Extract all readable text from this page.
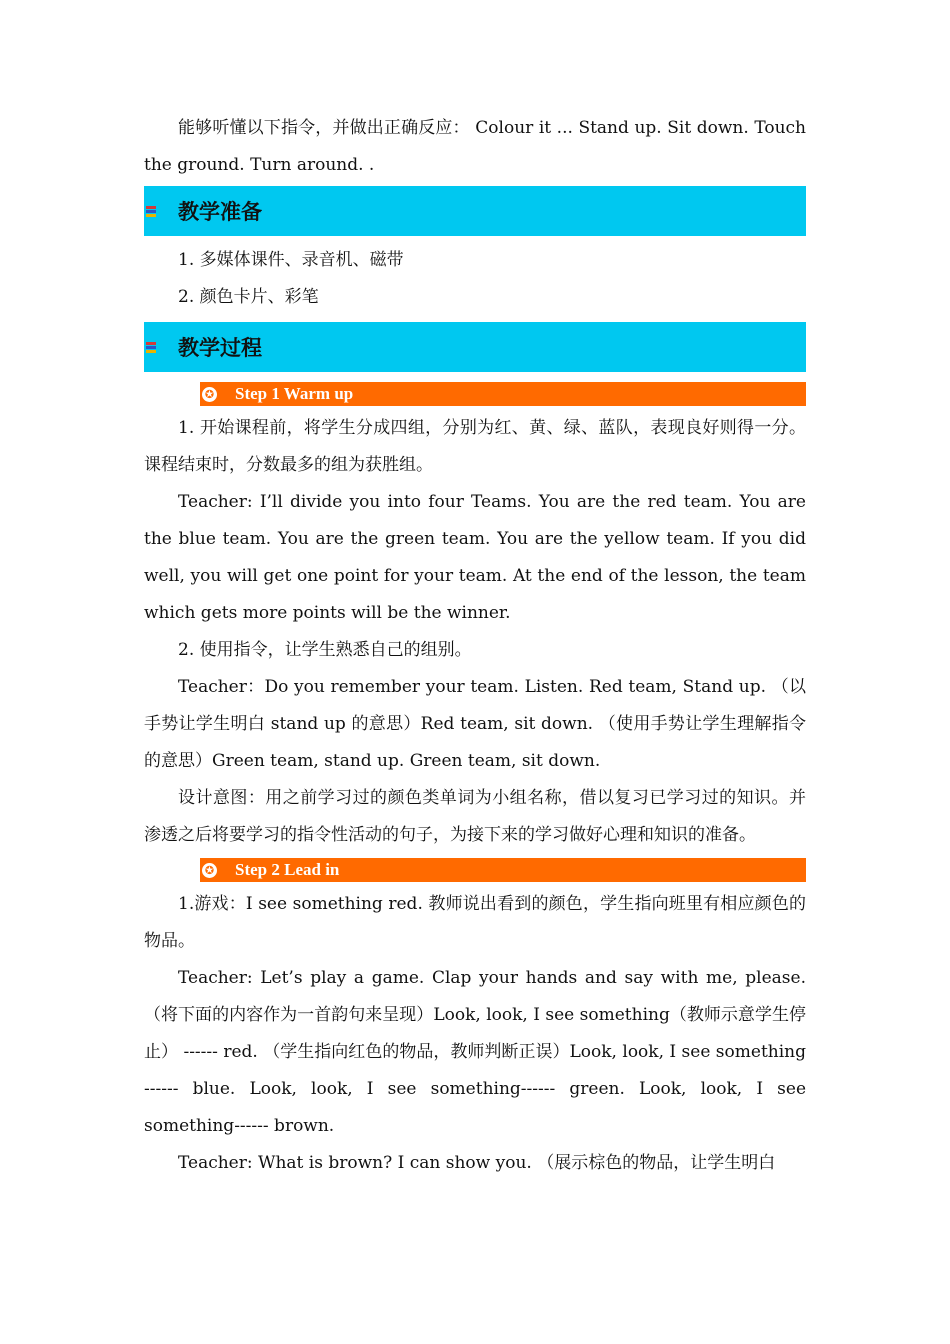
能够听懂以下指令，并做出正确反应： Colour it ... Stand up. Sit down. Touch the ground. Turn around. .

教学准备

1. 多媒体课件、录音机、磁带

2. 颜色卡片、彩笔

教学过程
✪ Step 1 Warm up

1. 开始课程前，将学生分成四组，分别为红、黄、绿、蓝队，表现良好则得一分。课程结束时，分数最多的组为获胜组。

Teacher: I’ll divide you into four Teams. You are the red team. You are the blue team. You are the green team. You are the yellow team. If you did well, you will get one point for your team. At the end of the lesson, the team which gets more points will be the winner.

2. 使用指令，让学生熟悉自己的组别。

Teacher：Do you remember your team. Listen. Red team, Stand up. （以手势让学生明白 stand up 的意思）Red team, sit down. （使用手势让学生理解指令的意思）Green team, stand up. Green team, sit down.

设计意图：用之前学习过的颜色类单词为小组名称，借以复习已学习过的知识。并渗透之后将要学习的指令性活动的句子，为接下来的学习做好心理和知识的准备。

✪ Step 2 Lead in

1.游戏：I see something red. 教师说出看到的颜色，学生指向班里有相应颜色的物品。

Teacher: Let’s play a game. Clap your hands and say with me, please. （将下面的内容作为一首韵句来呈现）Look, look, I see something（教师示意学生停止） ------ red. （学生指向红色的物品，教师判断正误）Look, look, I see something ------ blue. Look, look, I see something------ green. Look, look, I see something------ brown.

Teacher: What is brown? I can show you. （展示棕色的物品，让学生明白
